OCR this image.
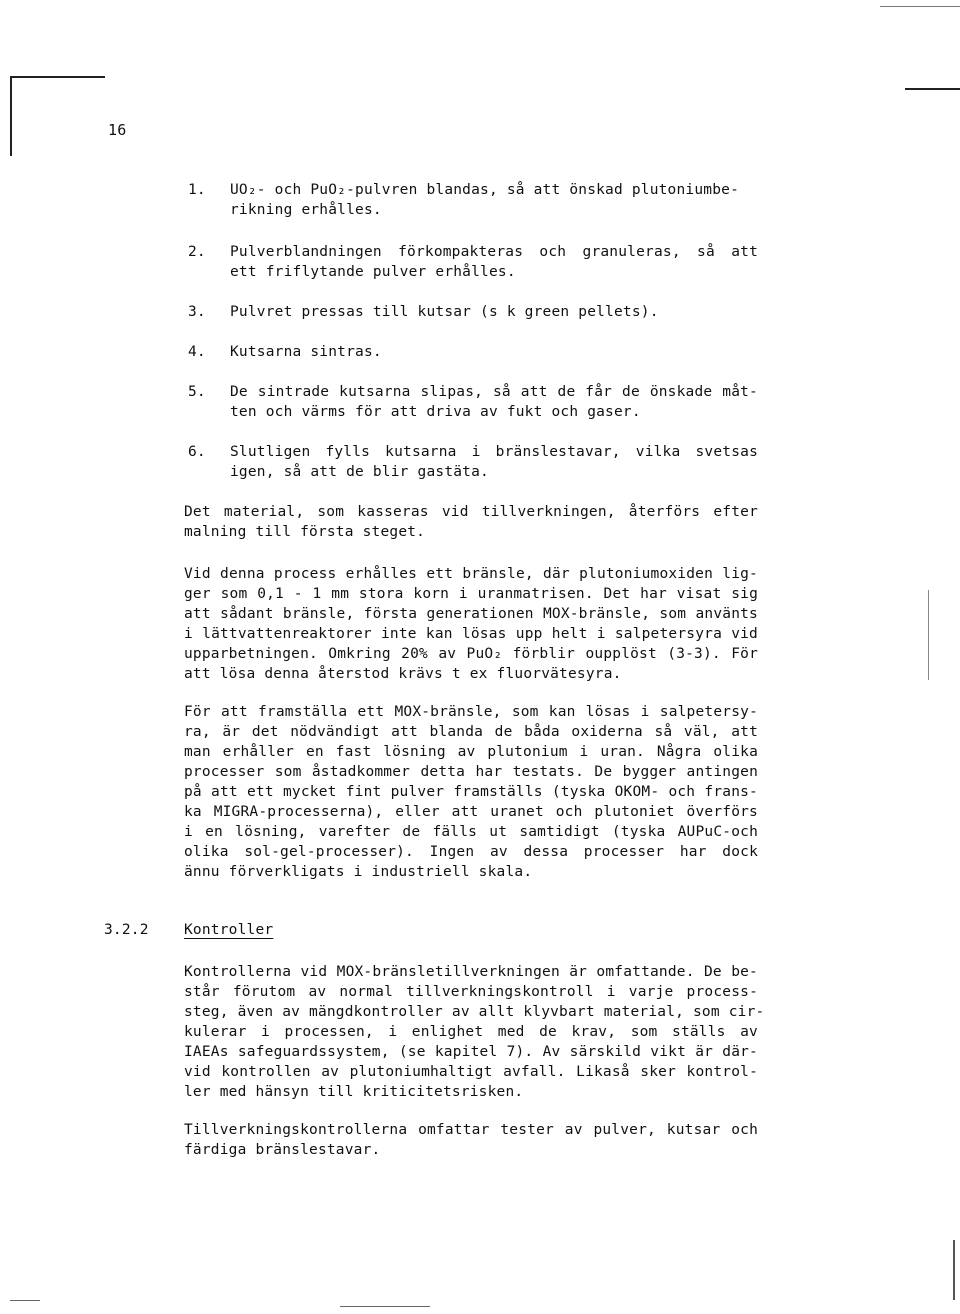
16
1. UO₂- och PuO₂-pulvren blandas, så att önskad plutoniumbe-
rikning erhålles.
2. Pulverblandningen förkompakteras och granuleras, så att
ett friflytande pulver erhålles.
3. Pulvret pressas till kutsar (s k green pellets).
4. Kutsarna sintras.
5. De sintrade kutsarna slipas, så att de får de önskade måt-
ten och värms för att driva av fukt och gaser.
6. Slutligen fylls kutsarna i bränslestavar, vilka svetsas
igen, så att de blir gastäta.
Det material, som kasseras vid tillverkningen, återförs efter
malning till första steget.
Vid denna process erhålles ett bränsle, där plutoniumoxiden lig-
ger som 0,1 - 1 mm stora korn i uranmatrisen. Det har visat sig
att sådant bränsle, första generationen MOX-bränsle, som använts
i lättvattenreaktorer inte kan lösas upp helt i salpetersyra vid
upparbetningen. Omkring 20% av PuO₂ förblir oupplöst (3-3). För
att lösa denna återstod krävs t ex fluorvätesyra.
För att framställa ett MOX-bränsle, som kan lösas i salpetersy-
ra, är det nödvändigt att blanda de båda oxiderna så väl, att
man erhåller en fast lösning av plutonium i uran. Några olika
processer som åstadkommer detta har testats. De bygger antingen
på att ett mycket fint pulver framställs (tyska OKOM- och frans-
ka MIGRA-processerna), eller att uranet och plutoniet överförs
i en lösning, varefter de fälls ut samtidigt (tyska AUPuC-och
olika sol-gel-processer). Ingen av dessa processer har dock
ännu förverkligats i industriell skala.
3.2.2 Kontroller
Kontrollerna vid MOX-bränsletillverkningen är omfattande. De be-
står förutom av normal tillverkningskontroll i varje process-
steg, även av mängdkontroller av allt klyvbart material, som cir-
kulerar i processen, i enlighet med de krav, som ställs av
IAEAs safeguardssystem, (se kapitel 7). Av särskild vikt är där-
vid kontrollen av plutoniumhaltigt avfall. Likaså sker kontrol-
ler med hänsyn till kriticitetsrisken.
Tillverkningskontrollerna omfattar tester av pulver, kutsar och
färdiga bränslestavar.
